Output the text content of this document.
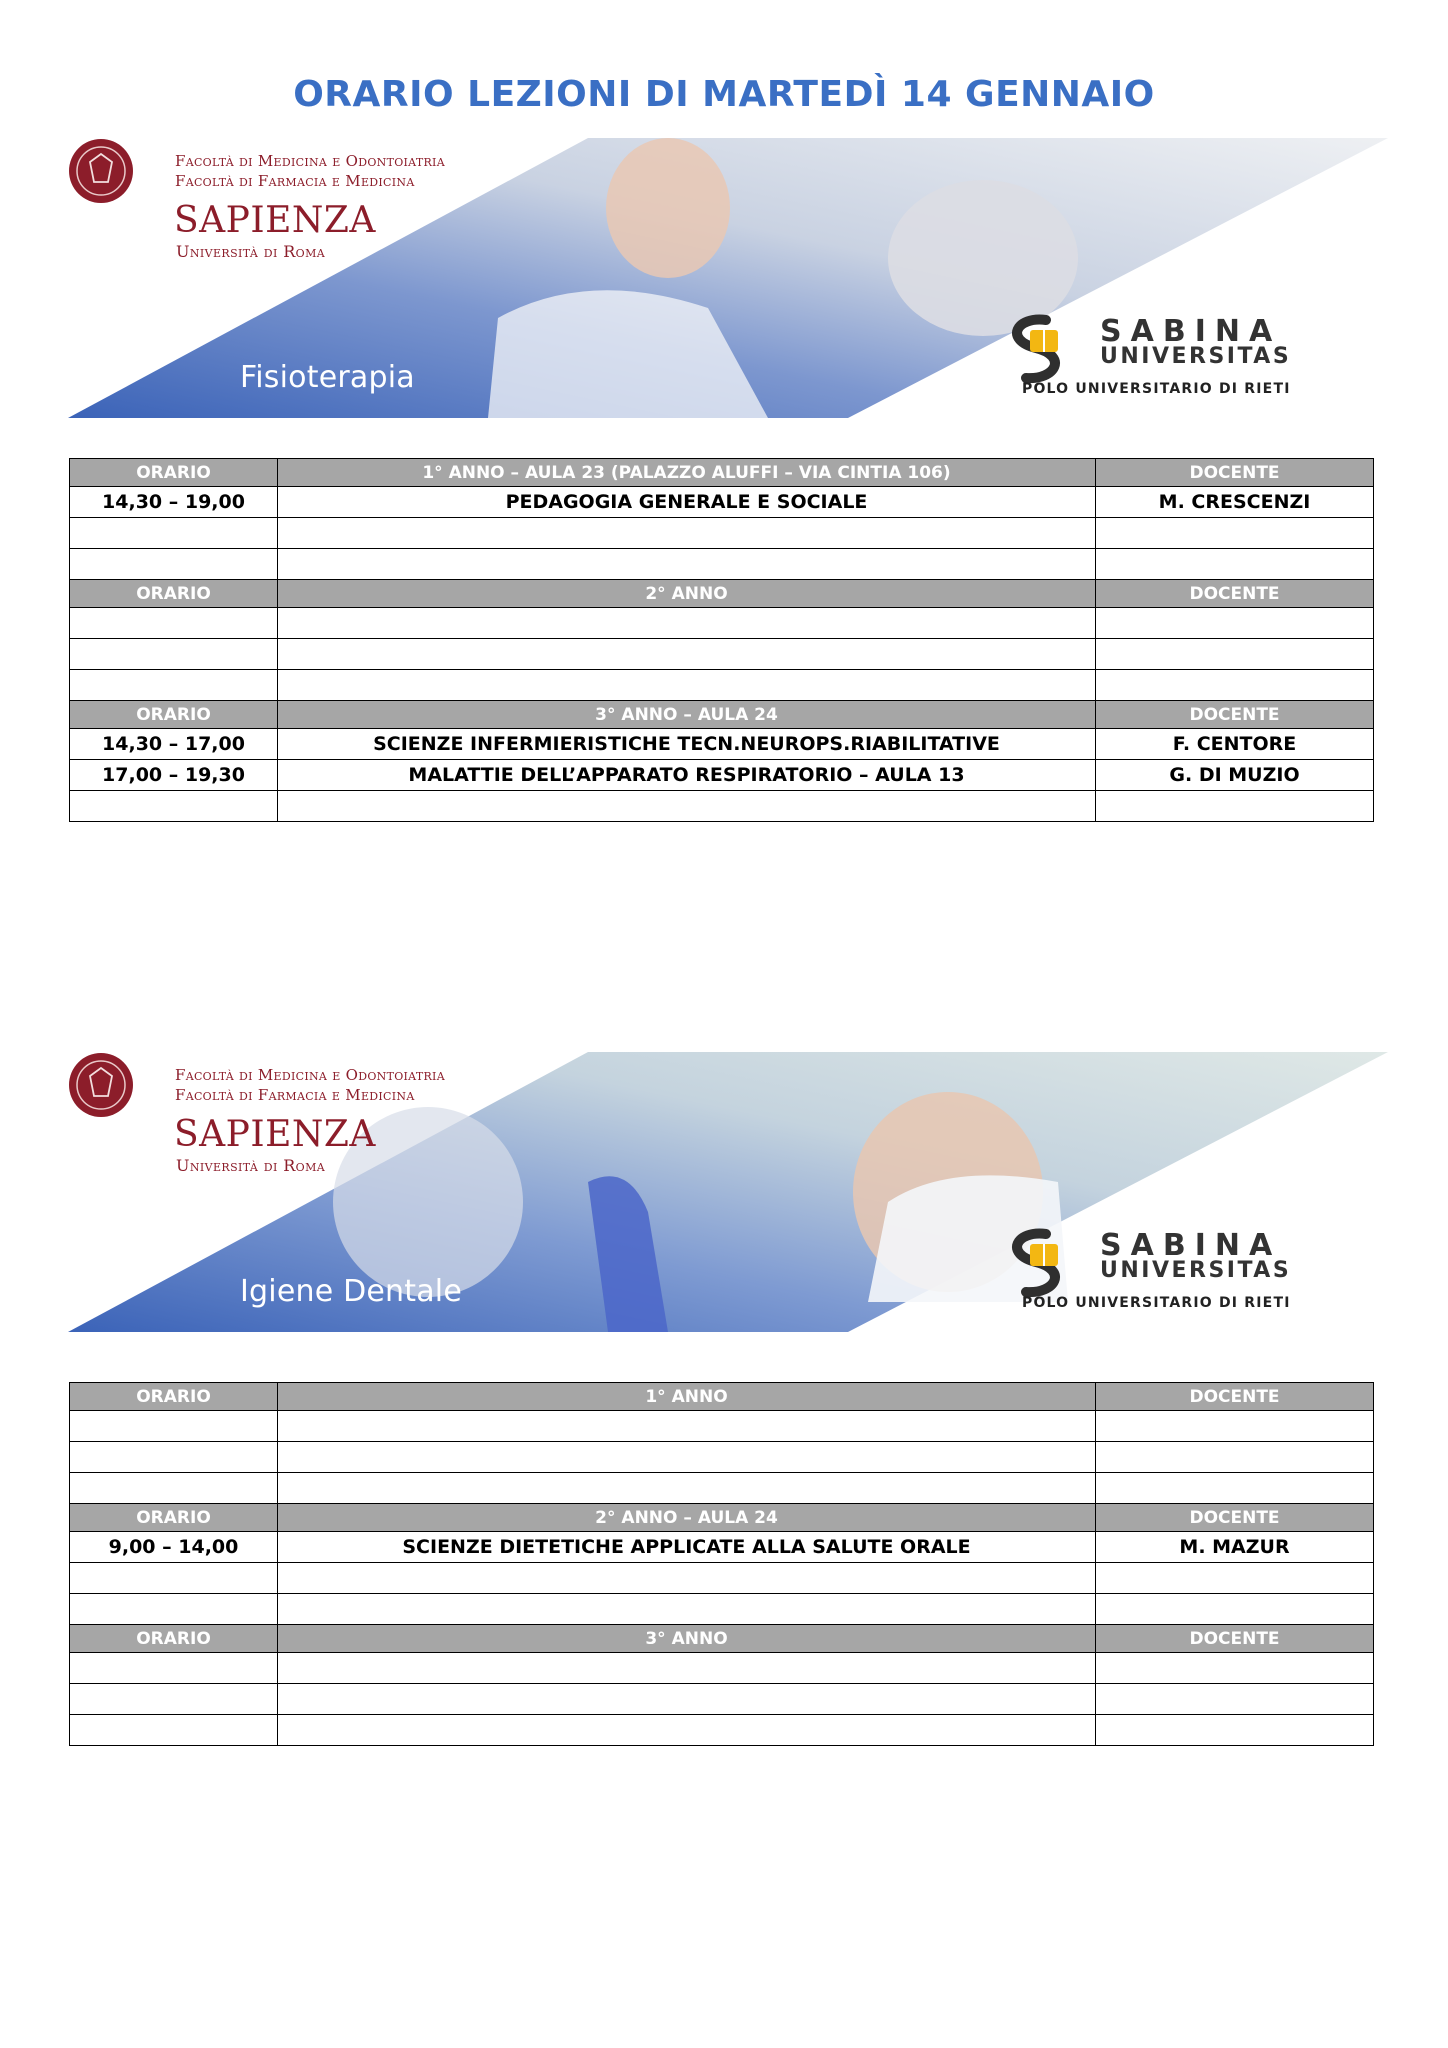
ORARIO LEZIONI DI MARTEDÌ 14 GENNAIO
Facoltà di Medicina e Odontoiatria
Facoltà di Farmacia e Medicina
SAPIENZA
Università di Roma
Fisioterapia
SABINA
UNIVERSITAS
POLO UNIVERSITARIO DI RIETI
ORARIO	1° ANNO – AULA 23 (PALAZZO ALUFFI – VIA CINTIA 106)	DOCENTE
14,30 – 19,00	PEDAGOGIA GENERALE E SOCIALE	M. CRESCENZI

ORARIO	2° ANNO	DOCENTE

ORARIO	3° ANNO – AULA 24	DOCENTE
14,30 – 17,00	SCIENZE INFERMIERISTICHE TECN.NEUROPS.RIABILITATIVE	F. CENTORE
17,00 – 19,30	MALATTIE DELL’APPARATO RESPIRATORIO – AULA 13	G. DI MUZIO

Facoltà di Medicina e Odontoiatria
Facoltà di Farmacia e Medicina
SAPIENZA
Università di Roma
Igiene Dentale
SABINA
UNIVERSITAS
POLO UNIVERSITARIO DI RIETI
ORARIO	1° ANNO	DOCENTE

ORARIO	2° ANNO – AULA 24	DOCENTE
9,00 – 14,00	SCIENZE DIETETICHE APPLICATE ALLA SALUTE ORALE	M. MAZUR

ORARIO	3° ANNO	DOCENTE
